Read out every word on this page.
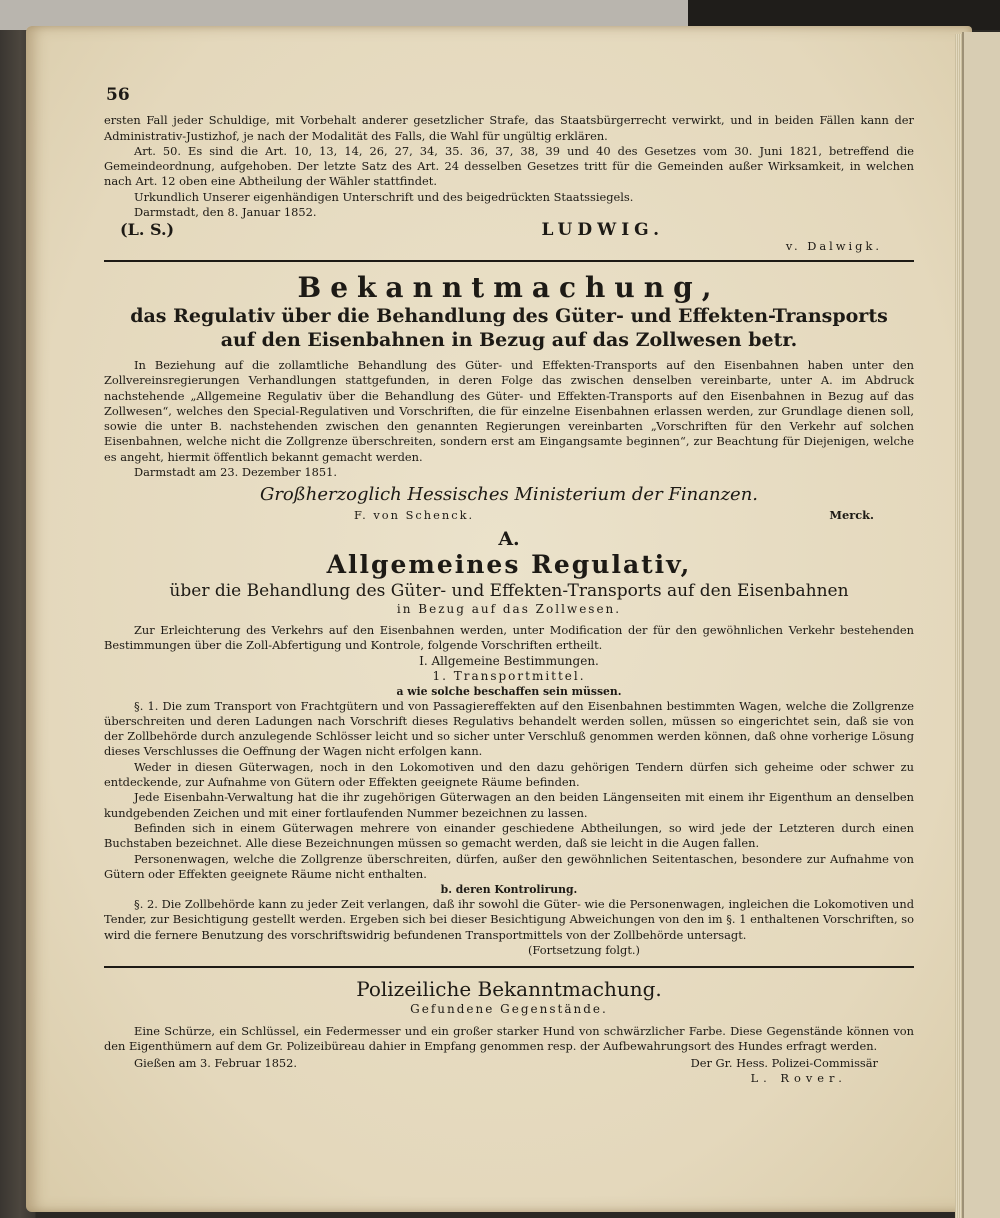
56

ersten Fall jeder Schuldige, mit Vorbehalt anderer gesetzlicher Strafe, das Staatsbürgerrecht verwirkt, und in beiden Fällen kann der Administrativ-Justizhof, je nach der Modalität des Falls, die Wahl für ungültig erklären.

Art. 50. Es sind die Art. 10, 13, 14, 26, 27, 34, 35. 36, 37, 38, 39 und 40 des Gesetzes vom 30. Juni 1821, betreffend die Gemeindeordnung, aufgehoben. Der letzte Satz des Art. 24 desselben Gesetzes tritt für die Gemeinden außer Wirksamkeit, in welchen nach Art. 12 oben eine Abtheilung der Wähler stattfindet.

Urkundlich Unserer eigenhändigen Unterschrift und des beigedrückten Staatssiegels.

Darmstadt, den 8. Januar 1852.

(L. S.)	LUDWIG.
v. Dalwigk.
Bekanntmachung,
das Regulativ über die Behandlung des Güter- und Effekten-Transports auf den Eisenbahnen in Bezug auf das Zollwesen betr.

In Beziehung auf die zollamtliche Behandlung des Güter- und Effekten-Transports auf den Eisenbahnen haben unter den Zollvereinsregierungen Verhandlungen stattgefunden, in deren Folge das zwischen denselben vereinbarte, unter A. im Abdruck nachstehende „Allgemeine Regulativ über die Behandlung des Güter- und Effekten-Transports auf den Eisenbahnen in Bezug auf das Zollwesen“, welches den Special-Regulativen und Vorschriften, die für einzelne Eisenbahnen erlassen werden, zur Grundlage dienen soll, sowie die unter B. nachstehenden zwischen den genannten Regierungen vereinbarten „Vorschriften für den Verkehr auf solchen Eisenbahnen, welche nicht die Zollgrenze überschreiten, sondern erst am Eingangsamte beginnen“, zur Beachtung für Diejenigen, welche es angeht, hiermit öffentlich bekannt gemacht werden.

Darmstadt am 23. Dezember 1851.

Großherzoglich Hessisches Ministerium der Finanzen.
F. von Schenck.	Merck.
A.
Allgemeines Regulativ,
über die Behandlung des Güter- und Effekten-Transports auf den Eisenbahnen
in Bezug auf das Zollwesen.

Zur Erleichterung des Verkehrs auf den Eisenbahnen werden, unter Modification der für den gewöhnlichen Verkehr bestehenden Bestimmungen über die Zoll-Abfertigung und Kontrole, folgende Vorschriften ertheilt.

I. Allgemeine Bestimmungen.
1. Transportmittel.
a wie solche beschaffen sein müssen.

§. 1. Die zum Transport von Frachtgütern und von Passagiereffekten auf den Eisenbahnen bestimmten Wagen, welche die Zollgrenze überschreiten und deren Ladungen nach Vorschrift dieses Regulativs behandelt werden sollen, müssen so eingerichtet sein, daß sie von der Zollbehörde durch anzulegende Schlösser leicht und so sicher unter Verschluß genommen werden können, daß ohne vorherige Lösung dieses Verschlusses die Oeffnung der Wagen nicht erfolgen kann.

Weder in diesen Güterwagen, noch in den Lokomotiven und den dazu gehörigen Tendern dürfen sich geheime oder schwer zu entdeckende, zur Aufnahme von Gütern oder Effekten geeignete Räume befinden.

Jede Eisenbahn-Verwaltung hat die ihr zugehörigen Güterwagen an den beiden Längenseiten mit einem ihr Eigenthum an denselben kundgebenden Zeichen und mit einer fortlaufenden Nummer bezeichnen zu lassen.

Befinden sich in einem Güterwagen mehrere von einander geschiedene Abtheilungen, so wird jede der Letzteren durch einen Buchstaben bezeichnet. Alle diese Bezeichnungen müssen so gemacht werden, daß sie leicht in die Augen fallen.

Personenwagen, welche die Zollgrenze überschreiten, dürfen, außer den gewöhnlichen Seitentaschen, besondere zur Aufnahme von Gütern oder Effekten geeignete Räume nicht enthalten.

b. deren Kontrolirung.

§. 2. Die Zollbehörde kann zu jeder Zeit verlangen, daß ihr sowohl die Güter- wie die Personenwagen, ingleichen die Lokomotiven und Tender, zur Besichtigung gestellt werden. Ergeben sich bei dieser Besichtigung Abweichungen von den im §. 1 enthaltenen Vorschriften, so wird die fernere Benutzung des vorschriftswidrig befundenen Transportmittels von der Zollbehörde untersagt.

(Fortsetzung folgt.)
Polizeiliche Bekanntmachung.
Gefundene Gegenstände.

Eine Schürze, ein Schlüssel, ein Federmesser und ein großer starker Hund von schwärzlicher Farbe. Diese Gegenstände können von den Eigenthümern auf dem Gr. Polizeibüreau dahier in Empfang genommen resp. der Aufbewahrungsort des Hundes erfragt werden.

Gießen am 3. Februar 1852.	Der Gr. Hess. Polizei-Commissär
L. Rover.
